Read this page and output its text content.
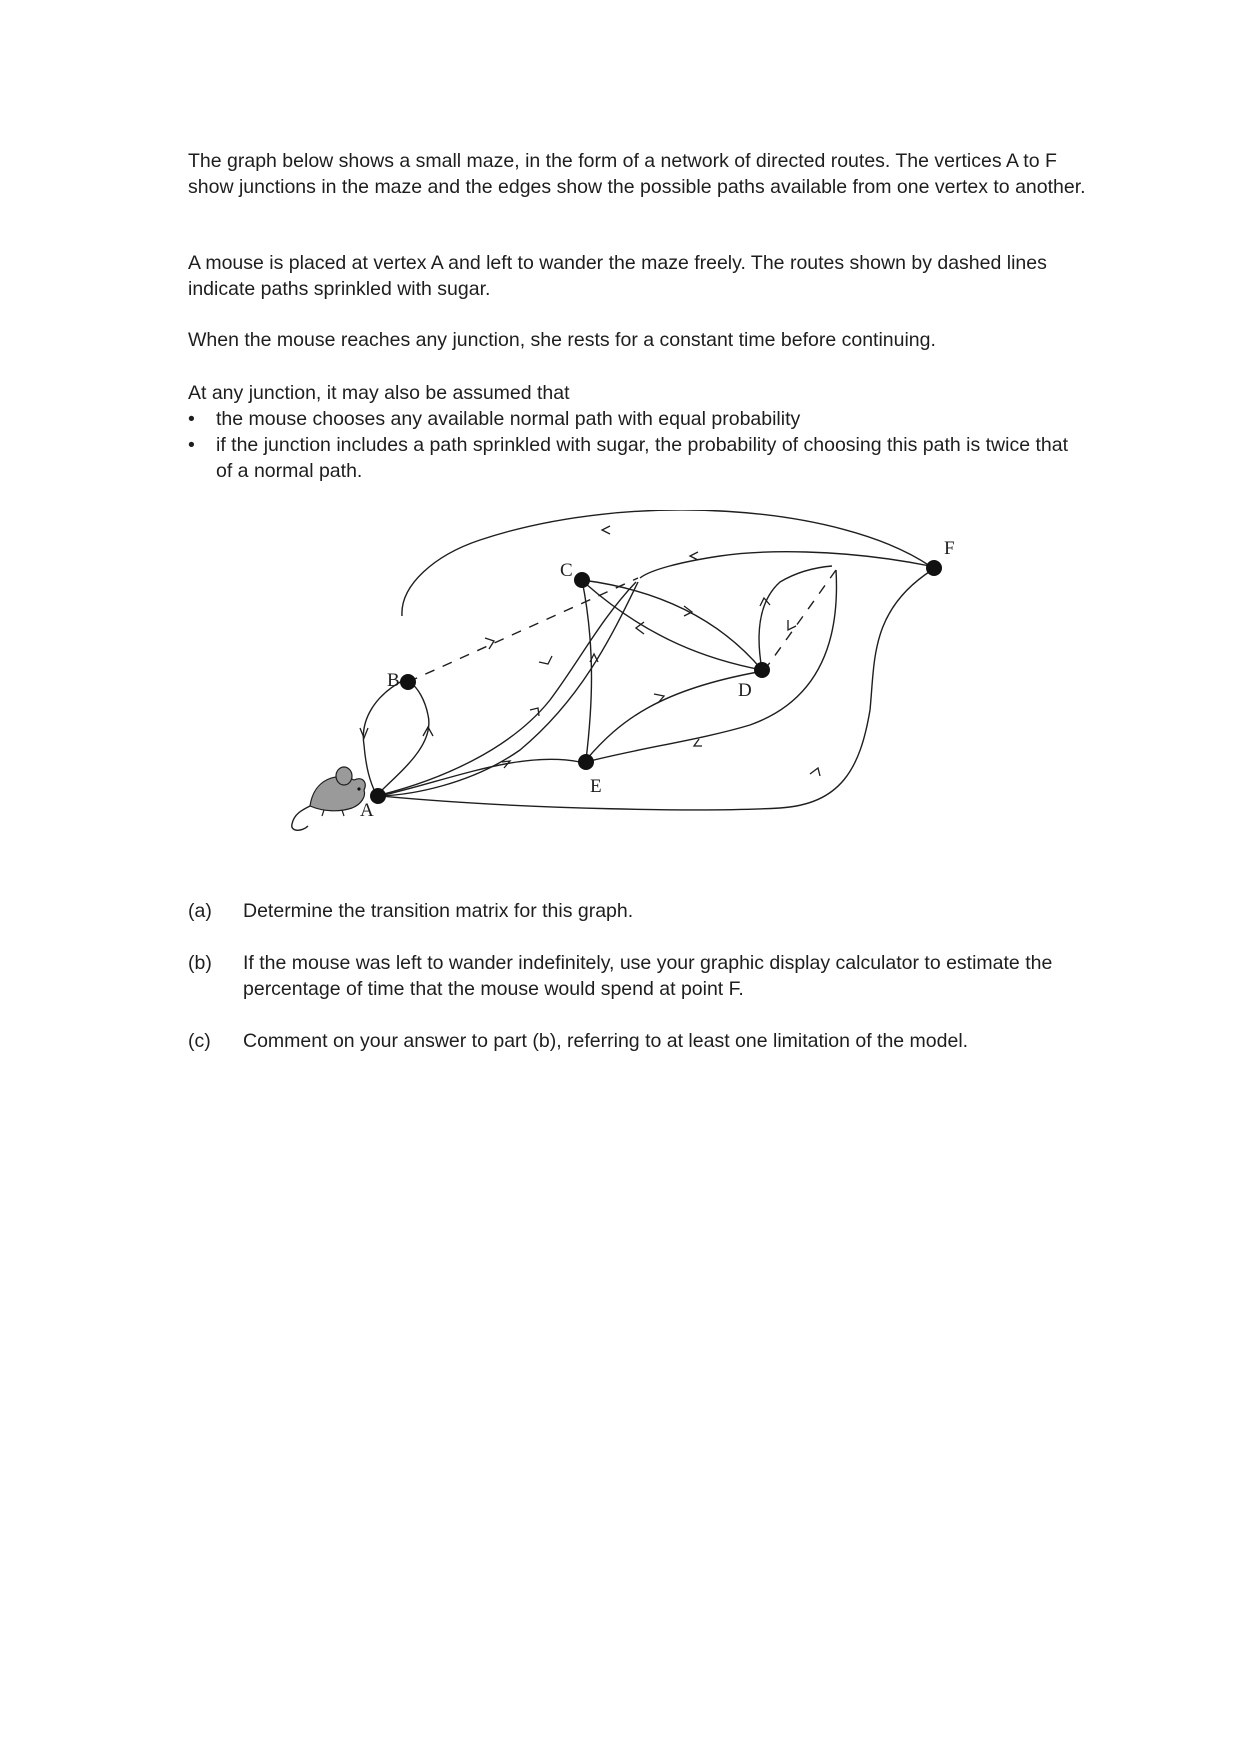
The graph below shows a small maze, in the form of a network of directed routes. The vertices A to F show junctions in the maze and the edges show the possible paths available from one vertex to another.

A mouse is placed at vertex A and left to wander the maze freely. The routes shown by dashed lines indicate paths sprinkled with sugar.

When the mouse reaches any junction, she rests for a constant time before continuing.

At any junction, it may also be assumed that

• the mouse chooses any available normal path with equal probability
• if the junction includes a path sprinkled with sugar, the probability of choosing this path is twice that of a normal path.
A
B
C
D
E
F
(a) Determine the transition matrix for this graph.
(b) If the mouse was left to wander indefinitely, use your graphic display calculator to estimate the percentage of time that the mouse would spend at point F.
(c) Comment on your answer to part (b), referring to at least one limitation of the model.
